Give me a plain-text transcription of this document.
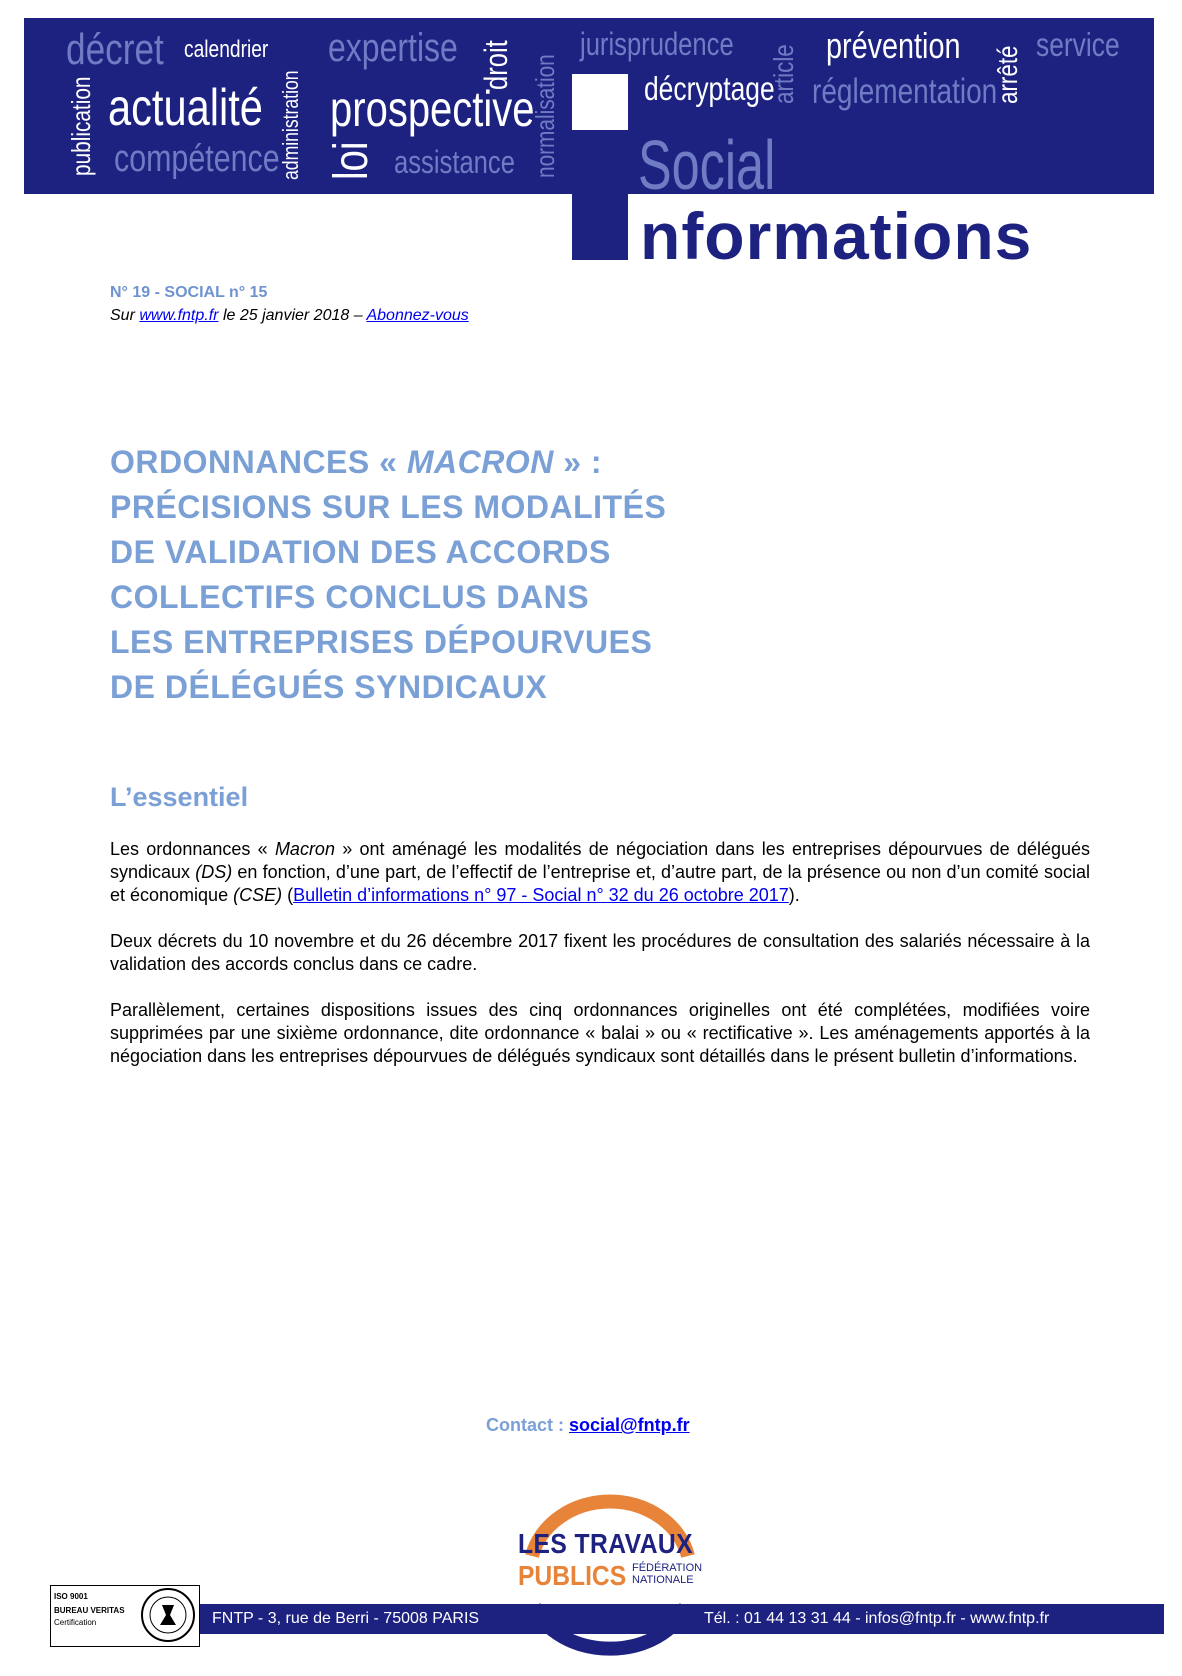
décret calendrier
administration
expertise droit normalisation
jurisprudence
article prévention arrêté
service
publication actualité prospective	décryptage réglementation
compétence loi assistance Social
nformations
N° 19 - SOCIAL n° 15
Sur www.fntp.fr le 25 janvier 2018 – Abonnez-vous
ORDONNANCES « MACRON » :
PRÉCISIONS SUR LES MODALITÉS
DE VALIDATION DES ACCORDS
COLLECTIFS CONCLUS DANS
LES ENTREPRISES DÉPOURVUES
DE DÉLÉGUÉS SYNDICAUX
L’essentiel
Les ordonnances « Macron » ont aménagé les modalités de négociation dans les entreprises dépourvues de délégués syndicaux (DS) en fonction, d’une part, de l’effectif de l’entreprise et, d’autre part, de la présence ou non d’un comité social et économique (CSE) (Bulletin d’informations n° 97 - Social n° 32 du 26 octobre 2017).
Deux décrets du 10 novembre et du 26 décembre 2017 fixent les procédures de consultation des salariés nécessaire à la validation des accords conclus dans ce cadre.
Parallèlement, certaines dispositions issues des cinq ordonnances originelles ont été complétées, modifiées voire supprimées par une sixième ordonnance, dite ordonnance « balai » ou « rectificative ». Les aménagements apportés à la négociation dans les entreprises dépourvues de délégués syndicaux sont détaillés dans le présent bulletin d’informations.
Contact : social@fntp.fr
LES TRAVAUX
PUBLICS FÉDÉRATION
NATIONALE
ISO 9001
BUREAU VERITAS
Certification	FNTP - 3, rue de Berri - 75008 PARIS	Tél. : 01 44 13 31 44 - infos@fntp.fr - www.fntp.fr
